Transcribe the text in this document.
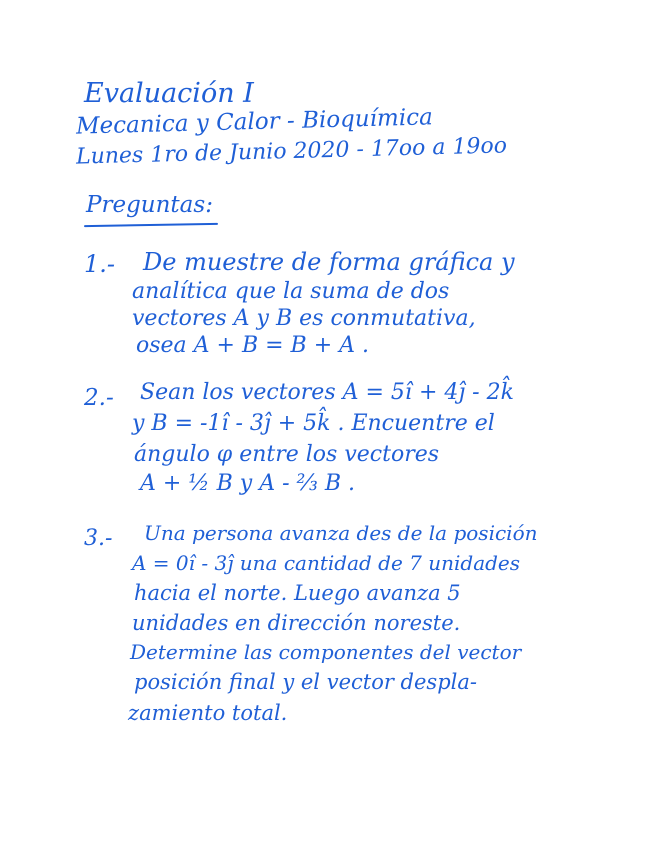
Evaluación I

Mecanica y Calor - Bioquímica

Lunes 1ro de Junio 2020 - 17oo a 19oo

Preguntas:

1.- De muestre de forma gráfica y

analítica que la suma de dos

vectores A y B es conmutativa,

osea A + B = B + A .

2.- Sean los vectores A = 5î + 4ĵ - 2k̂

y B = -1î - 3ĵ + 5k̂ . Encuentre el

ángulo φ entre los vectores

A + ½ B y A - ⅔ B .

3.- Una persona avanza des de la posición

A = 0î - 3ĵ una cantidad de 7 unidades

hacia el norte. Luego avanza 5

unidades en dirección noreste.

Determine las componentes del vector

posición final y el vector despla-

zamiento total.
